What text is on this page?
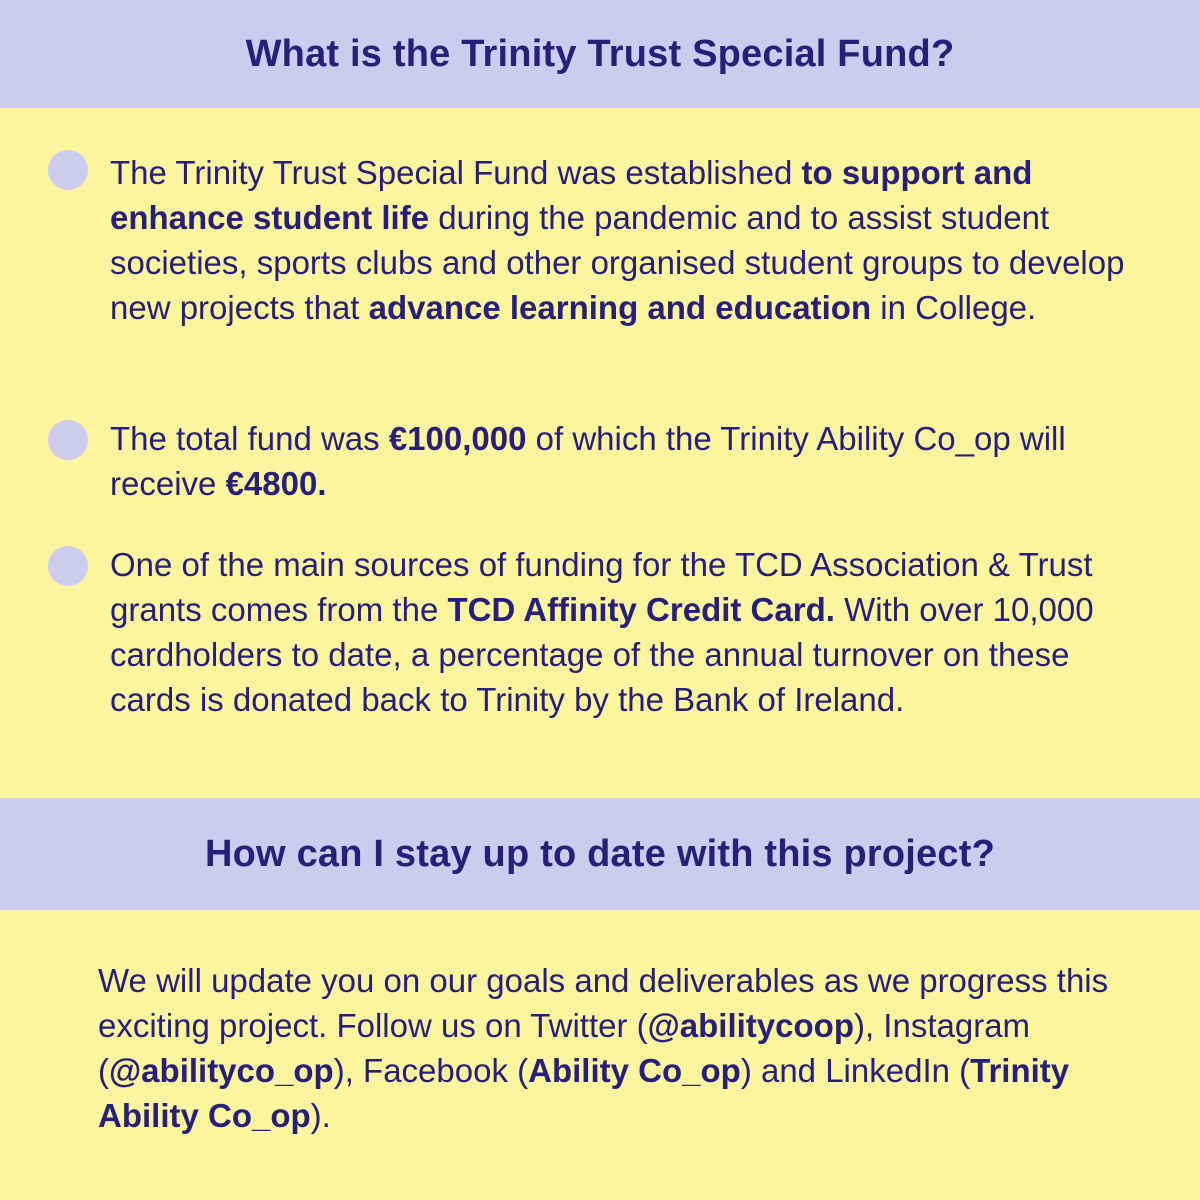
What is the Trinity Trust Special Fund?

The Trinity Trust Special Fund was established to support and enhance student life during the pandemic and to assist student societies, sports clubs and other organised student groups to develop new projects that advance learning and education in College.

The total fund was €100,000 of which the Trinity Ability Co_op will receive €4800.

One of the main sources of funding for the TCD Association & Trust grants comes from the TCD Affinity Credit Card. With over 10,000 cardholders to date, a percentage of the annual turnover on these cards is donated back to Trinity by the Bank of Ireland.

How can I stay up to date with this project?

We will update you on our goals and deliverables as we progress this exciting project. Follow us on Twitter (@abilitycoop), Instagram (@abilityco_op), Facebook (Ability Co_op) and LinkedIn (Trinity Ability Co_op).
